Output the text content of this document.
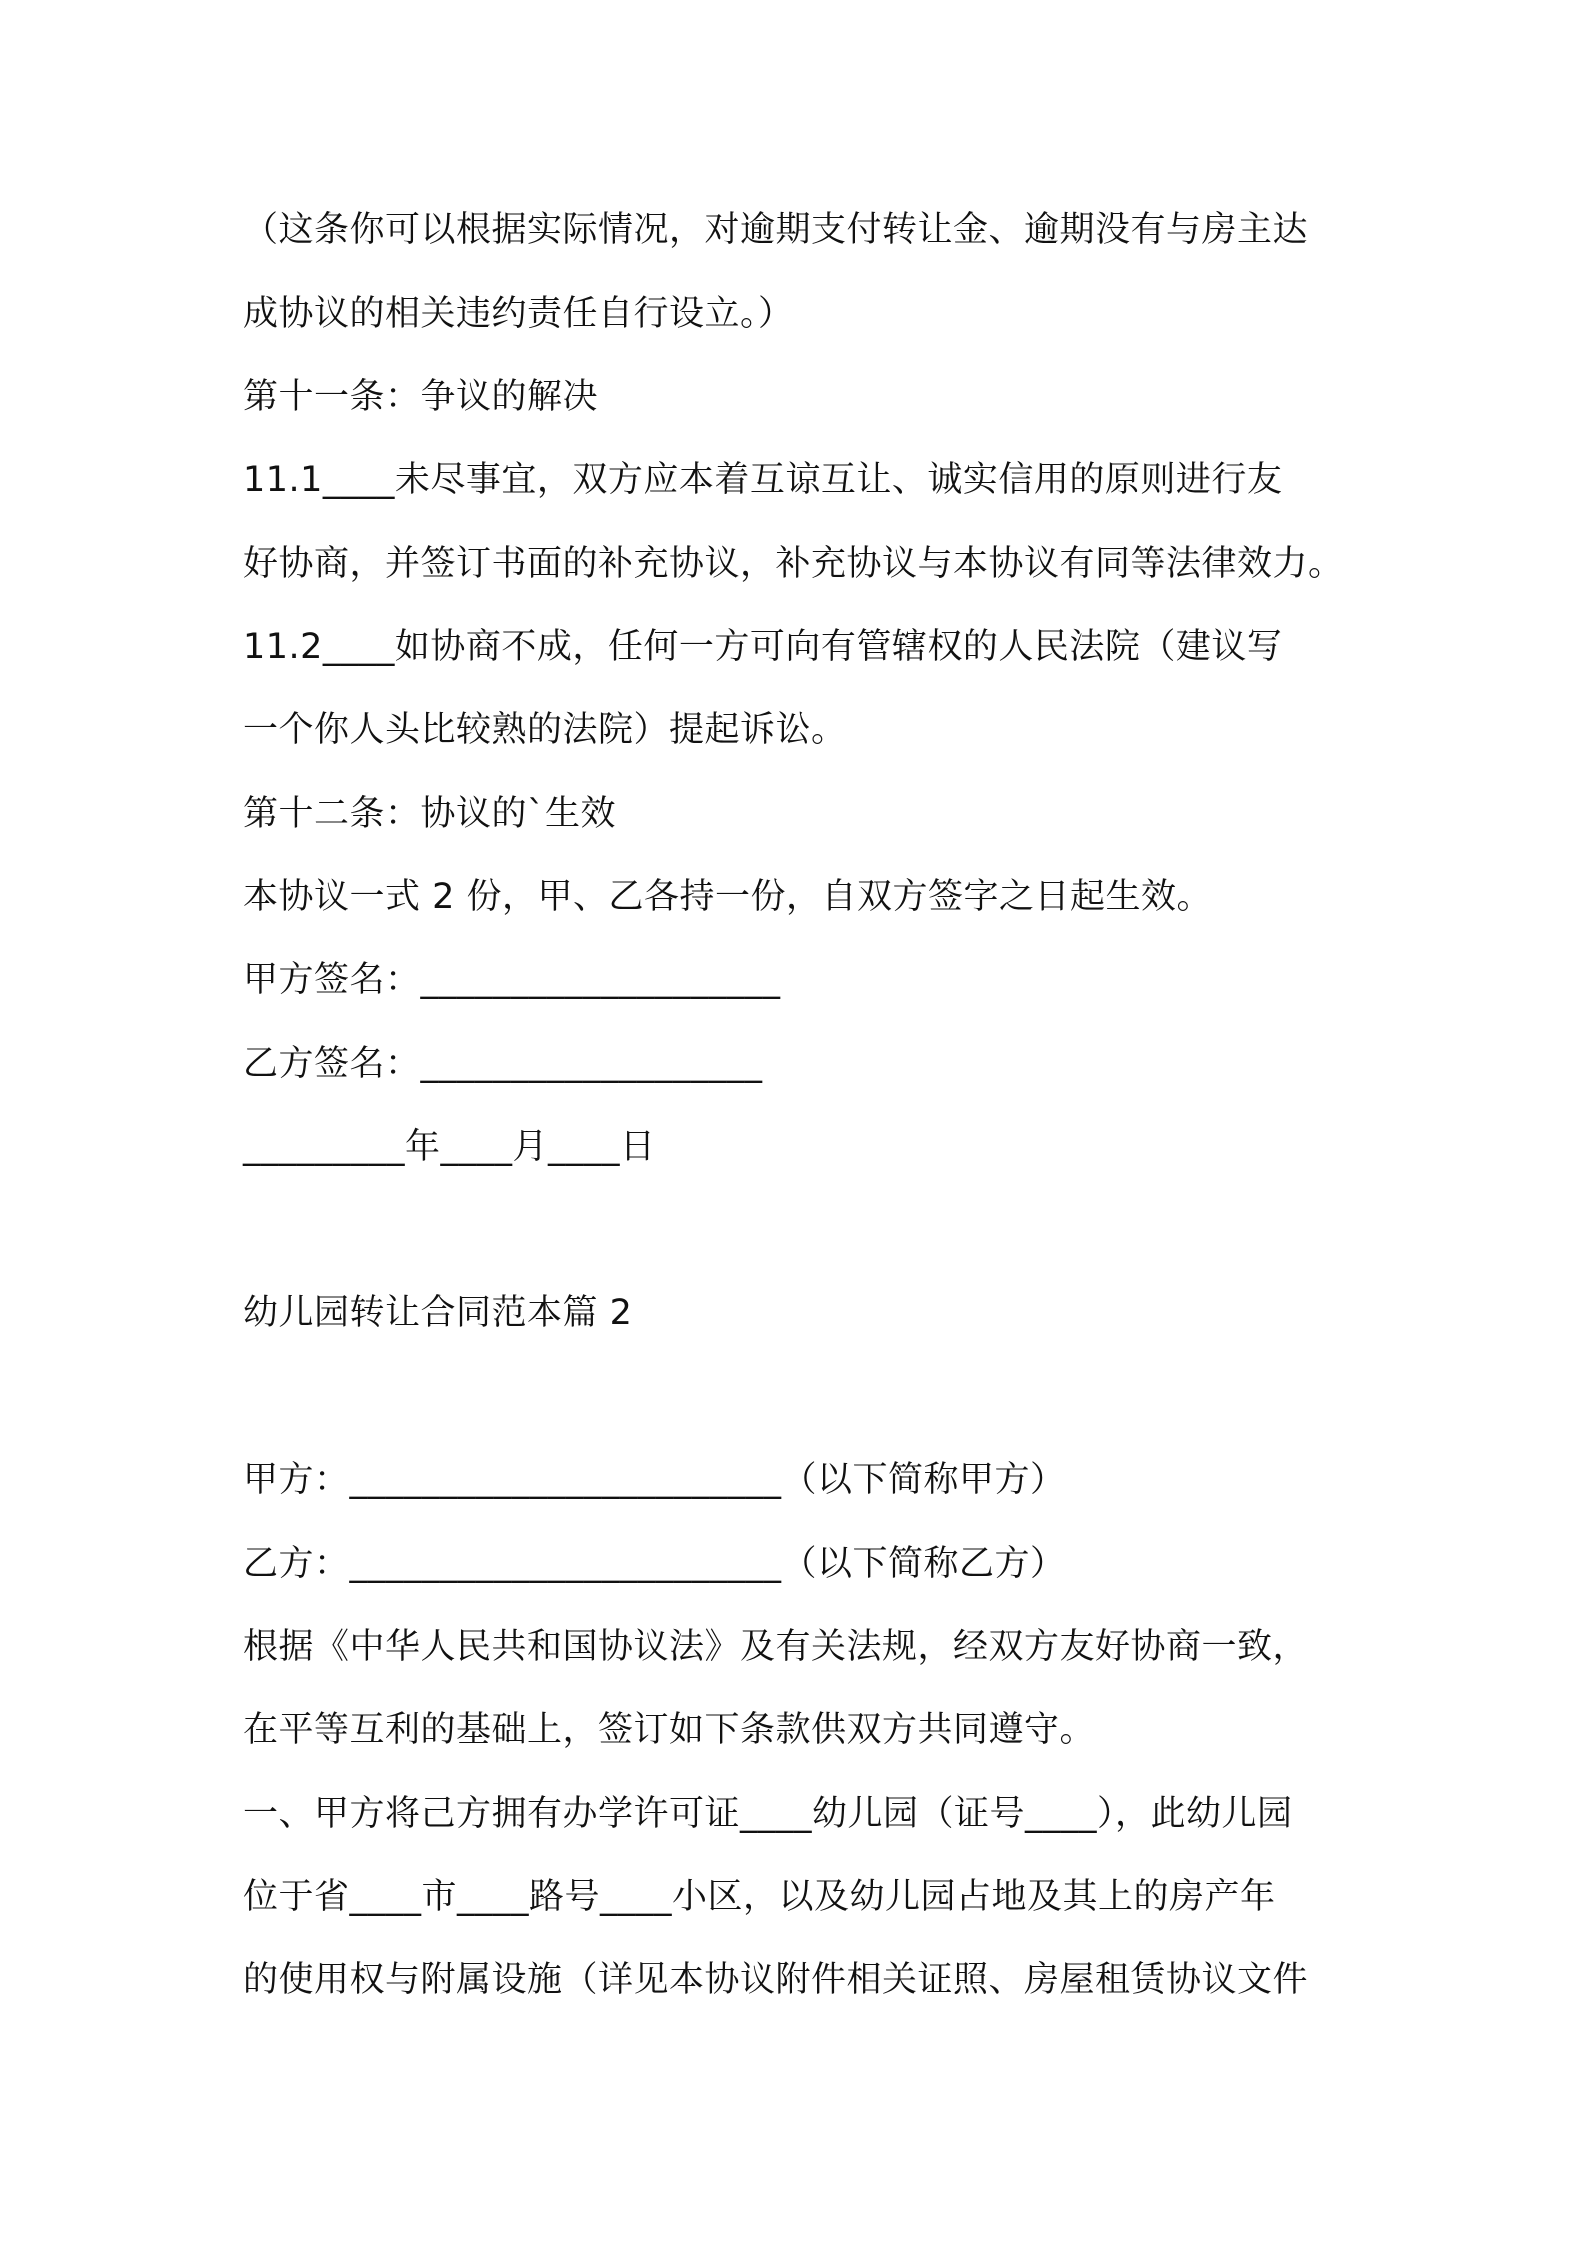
（这条你可以根据实际情况，对逾期支付转让金、逾期没有与房主达
成协议的相关违约责任自行设立。）
第十一条：争议的解决
11.1____未尽事宜，双方应本着互谅互让、诚实信用的原则进行友
好协商，并签订书面的补充协议，补充协议与本协议有同等法律效力。
11.2____如协商不成，任何一方可向有管辖权的人民法院（建议写
一个你人头比较熟的法院）提起诉讼。
第十二条：协议的`生效
本协议一式 2 份，甲、乙各持一份，自双方签字之日起生效。
甲方签名：____________________
乙方签名：___________________
_________年____月____日
幼儿园转让合同范本篇 2
甲方：________________________（以下简称甲方）
乙方：________________________（以下简称乙方）
根据《中华人民共和国协议法》及有关法规，经双方友好协商一致，
在平等互利的基础上，签订如下条款供双方共同遵守。
一、甲方将己方拥有办学许可证____幼儿园（证号____），此幼儿园
位于省____市____路号____小区，以及幼儿园占地及其上的房产年
的使用权与附属设施（详见本协议附件相关证照、房屋租赁协议文件
